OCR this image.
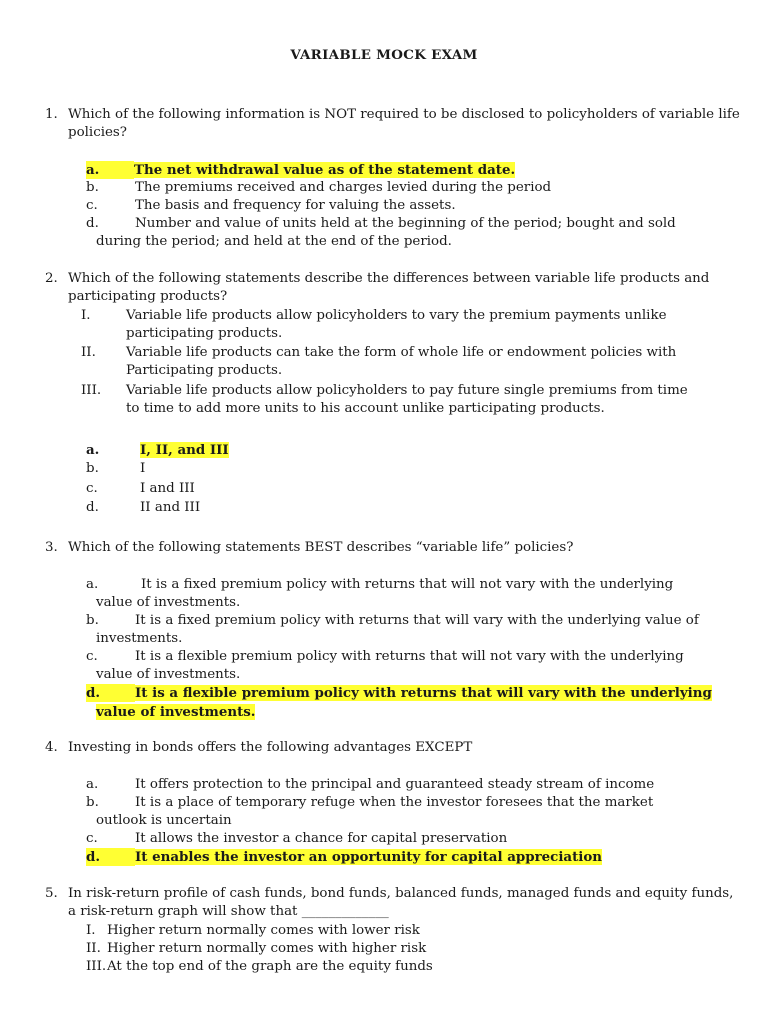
VARIABLE MOCK EXAM
1. Which of the following information is NOT required to be disclosed to policyholders of variable life policies?
a.	The net withdrawal value as of the statement date.
b.	The premiums received and charges levied during the period
c.	The basis and frequency for valuing the assets.
d.	Number and value of units held at the beginning of the period; bought and sold
during the period; and held at the end of the period.
2. Which of the following statements describe the differences between variable life products and participating products?
I.	Variable life products allow policyholders to vary the premium payments unlike
participating products.
II. Variable life products can take the form of whole life or endowment policies with
Participating products.
III. Variable life products allow policyholders to pay future single premiums from time
to time to add more units to his account unlike participating products.
a.	I, II, and III
b.	I
c.	I and III
d.	II and III
3. Which of the following statements BEST describes “variable life” policies?
a.	It is a fixed premium policy with returns that will not vary with the underlying
value of investments.
b.	It is a fixed premium policy with returns that will vary with the underlying value of
investments.
c.	It is a flexible premium policy with returns that will not vary with the underlying
value of investments.
d.	It is a flexible premium policy with returns that will vary with the underlying
value of investments.
4. Investing in bonds offers the following advantages EXCEPT
a.	It offers protection to the principal and guaranteed steady stream of income
b.	It is a place of temporary refuge when the investor foresees that the market
outlook is uncertain
c.	It allows the investor a chance for capital preservation
d.	It enables the investor an opportunity for capital appreciation
5. In risk-return profile of cash funds, bond funds, balanced funds, managed funds and equity funds, a risk-return graph will show that _____________
I. Higher return normally comes with lower risk
II. Higher return normally comes with higher risk
III. At the top end of the graph are the equity funds
